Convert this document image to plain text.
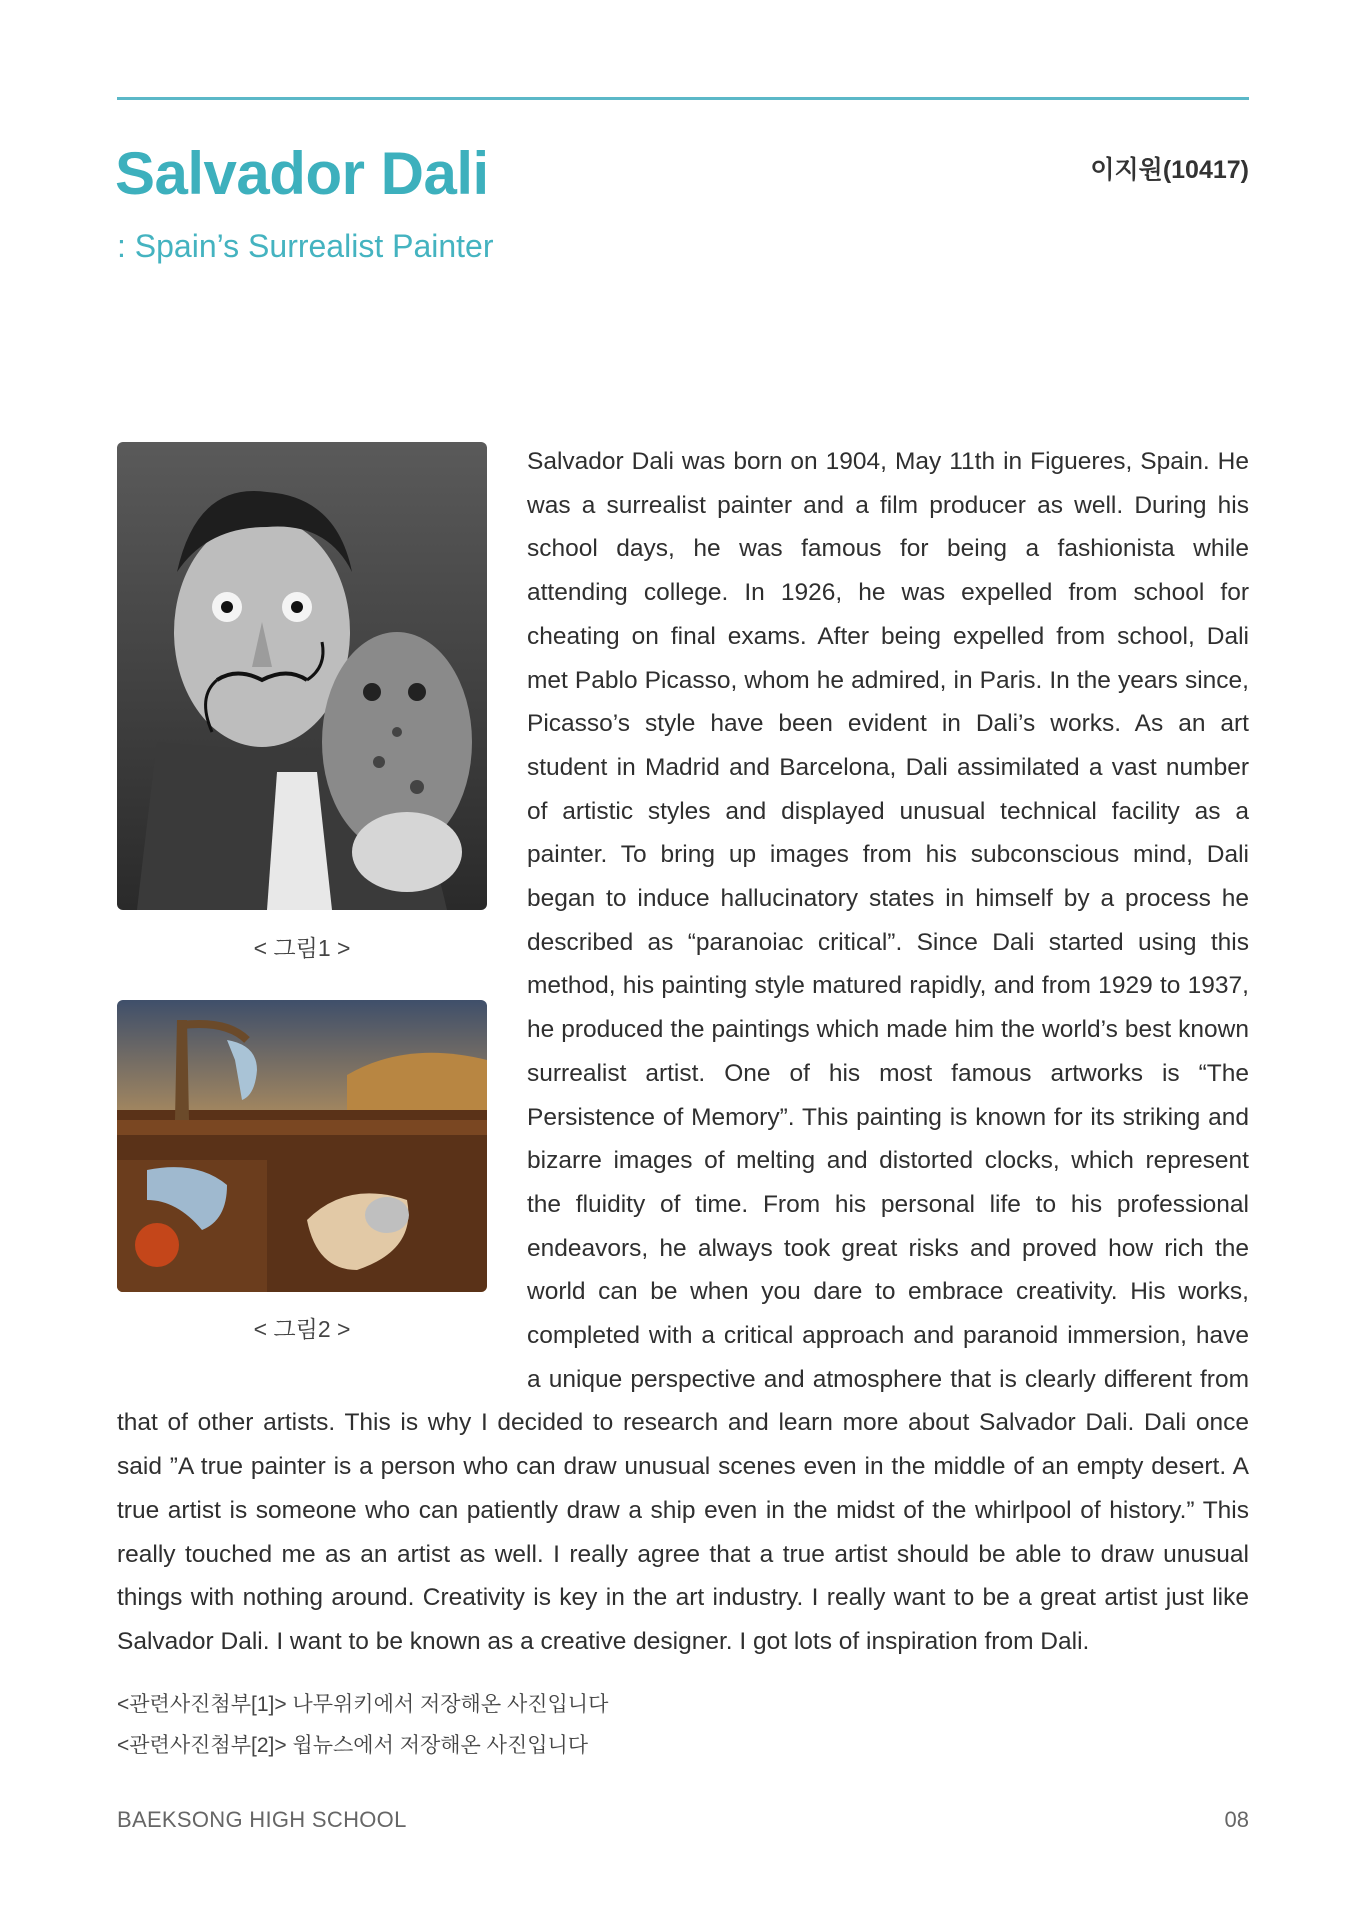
Salvador Dali

: Spain’s Surrealist Painter

이지원(10417)
< 그림1 >
< 그림2 >

Salvador Dali was born on 1904, May 11th in Figueres, Spain. He was a surrealist painter and a film producer as well. During his school days, he was famous for being a fashionista while attending college. In 1926, he was expelled from school for cheating on final exams. After being expelled from school, Dali met Pablo Picasso, whom he admired, in Paris. In the years since, Picasso’s style have been evident in Dali’s works. As an art student in Madrid and Barcelona, Dali assimilated a vast number of artistic styles and displayed unusual technical facility as a painter. To bring up images from his subconscious mind, Dali began to induce hallucinatory states in himself by a process he described as “paranoiac critical”. Since Dali started using this method, his painting style matured rapidly, and from 1929 to 1937, he produced the paintings which made him the world’s best known surrealist artist. One of his most famous artworks is “The Persistence of Memory”. This painting is known for its striking and bizarre images of melting and distorted clocks, which represent the fluidity of time. From his personal life to his professional endeavors, he always took great risks and proved how rich the world can be when you dare to embrace creativity. His works, completed with a critical approach and paranoid immersion, have a unique perspective and atmosphere that is clearly different from that of other artists. This is why I decided to research and learn more about Salvador Dali. Dali once said ”A true painter is a person who can draw unusual scenes even in the middle of an empty desert. A true artist is someone who can patiently draw a ship even in the midst of the whirlpool of history.” This really touched me as an artist as well. I really agree that a true artist should be able to draw unusual things with nothing around. Creativity is key in the art industry. I really want to be a great artist just like Salvador Dali. I want to be known as a creative designer. I got lots of inspiration from Dali.

<관련사진첨부[1]> 나무위키에서 저장해온 사진입니다
<관련사진첨부[2]> 윕뉴스에서 저장해온 사진입니다
BAEKSONG HIGH SCHOOL	08
